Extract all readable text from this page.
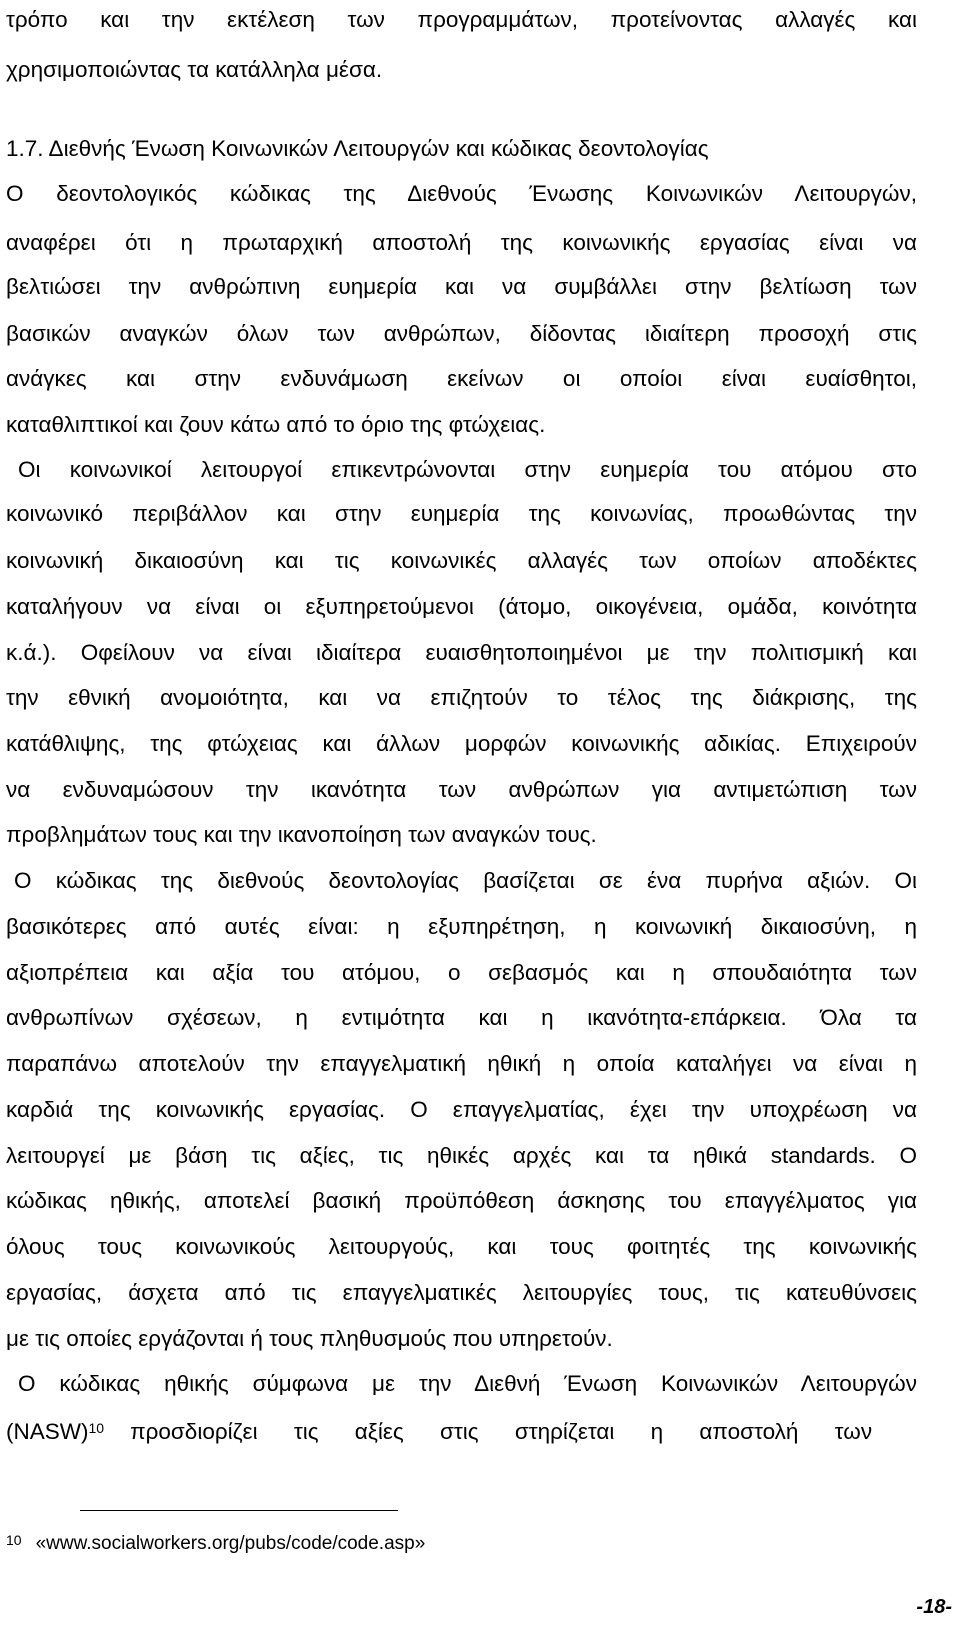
τρόπο και την εκτέλεση των προγραμμάτων, προτείνοντας αλλαγές και

χρησιμοποιώντας τα κατάλληλα μέσα.

1.7. Διεθνής Ένωση Κοινωνικών Λειτουργών και κώδικας δεοντολογίας

Ο δεοντολογικός κώδικας της Διεθνούς Ένωσης Κοινωνικών Λειτουργών,

αναφέρει ότι η πρωταρχική αποστολή της κοινωνικής εργασίας είναι να

βελτιώσει την ανθρώπινη ευημερία και να συμβάλλει στην βελτίωση των

βασικών αναγκών όλων των ανθρώπων, δίδοντας ιδιαίτερη προσοχή στις

ανάγκες και στην ενδυνάμωση εκείνων οι οποίοι είναι ευαίσθητοι,

καταθλιπτικοί και ζουν κάτω από το όριο της φτώχειας.

Οι κοινωνικοί λειτουργοί επικεντρώνονται στην ευημερία του ατόμου στο

κοινωνικό περιβάλλον και στην ευημερία της κοινωνίας, προωθώντας την

κοινωνική δικαιοσύνη και τις κοινωνικές αλλαγές των οποίων αποδέκτες

καταλήγουν να είναι οι εξυπηρετούμενοι (άτομο, οικογένεια, ομάδα, κοινότητα

κ.ά.). Οφείλουν να είναι ιδιαίτερα ευαισθητοποιημένοι με την πολιτισμική και

την εθνική ανομοιότητα, και να επιζητούν το τέλος της διάκρισης, της

κατάθλιψης, της φτώχειας και άλλων μορφών κοινωνικής αδικίας. Επιχειρούν

να ενδυναμώσουν την ικανότητα των ανθρώπων για αντιμετώπιση των

προβλημάτων τους και την ικανοποίηση των αναγκών τους.

Ο κώδικας της διεθνούς δεοντολογίας βασίζεται σε ένα πυρήνα αξιών. Οι

βασικότερες από αυτές είναι: η εξυπηρέτηση, η κοινωνική δικαιοσύνη, η

αξιοπρέπεια και αξία του ατόμου, ο σεβασμός και η σπουδαιότητα των

ανθρωπίνων σχέσεων, η εντιμότητα και η ικανότητα-επάρκεια. Όλα τα

παραπάνω αποτελούν την επαγγελματική ηθική η οποία καταλήγει να είναι η

καρδιά της κοινωνικής εργασίας. Ο επαγγελματίας, έχει την υποχρέωση να

λειτουργεί με βάση τις αξίες, τις ηθικές αρχές και τα ηθικά standards. Ο

κώδικας ηθικής, αποτελεί βασική προϋπόθεση άσκησης του επαγγέλματος για

όλους τους κοινωνικούς λειτουργούς, και τους φοιτητές της κοινωνικής

εργασίας, άσχετα από τις επαγγελματικές λειτουργίες τους, τις κατευθύνσεις

με τις οποίες εργάζονται ή τους πληθυσμούς που υπηρετούν.

Ο κώδικας ηθικής σύμφωνα με την Διεθνή Ένωση Κοινωνικών Λειτουργών

(NASW)$^{10}$ προσδιορίζει τις αξίες στις στηρίζεται η αποστολή των

$^{10}$ «www.socialworkers.org/pubs/code/code.asp»
-18-
